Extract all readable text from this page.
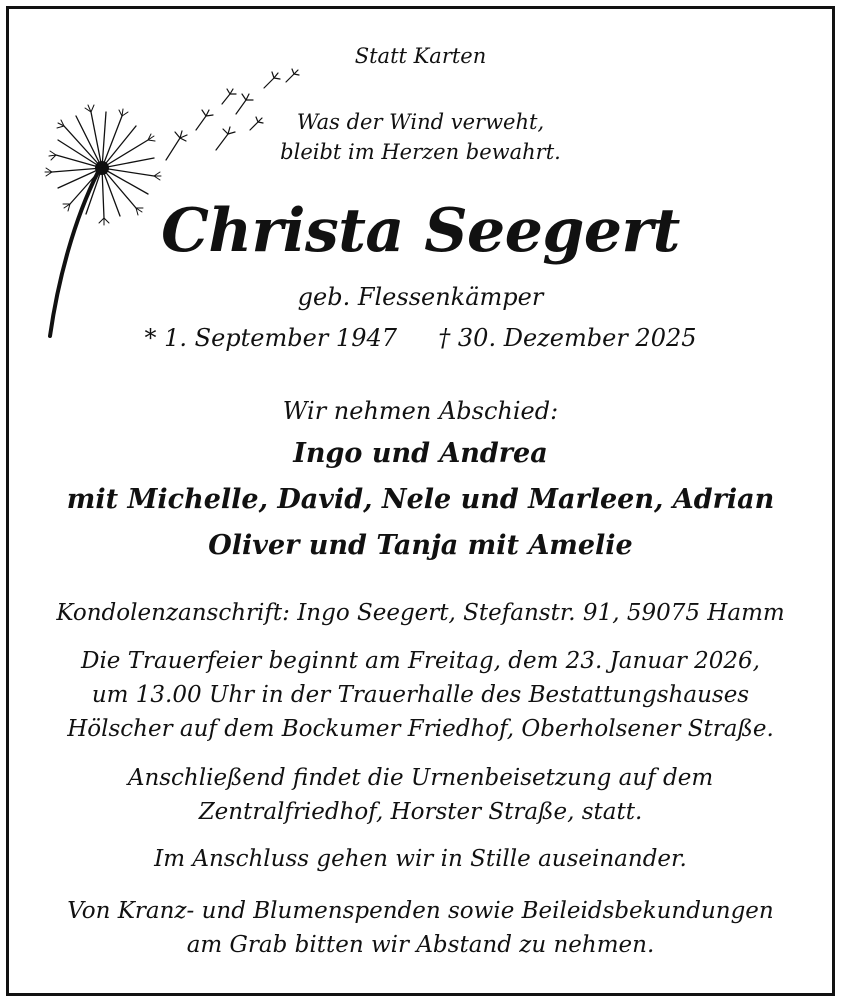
Statt Karten
Was der Wind verweht,
bleibt im Herzen bewahrt.
Christa Seegert
geb. Flessenkämper
* 1. September 1947 † 30. Dezember 2025
Wir nehmen Abschied:
Ingo und Andrea
mit Michelle, David, Nele und Marleen, Adrian
Oliver und Tanja mit Amelie
Kondolenzanschrift: Ingo Seegert, Stefanstr. 91, 59075 Hamm
Die Trauerfeier beginnt am Freitag, dem 23. Januar 2026,
um 13.00 Uhr in der Trauerhalle des Bestattungshauses
Hölscher auf dem Bockumer Friedhof, Oberholsener Straße.
Anschließend findet die Urnenbeisetzung auf dem
Zentralfriedhof, Horster Straße, statt.
Im Anschluss gehen wir in Stille auseinander.
Von Kranz- und Blumenspenden sowie Beileidsbekundungen
am Grab bitten wir Abstand zu nehmen.
